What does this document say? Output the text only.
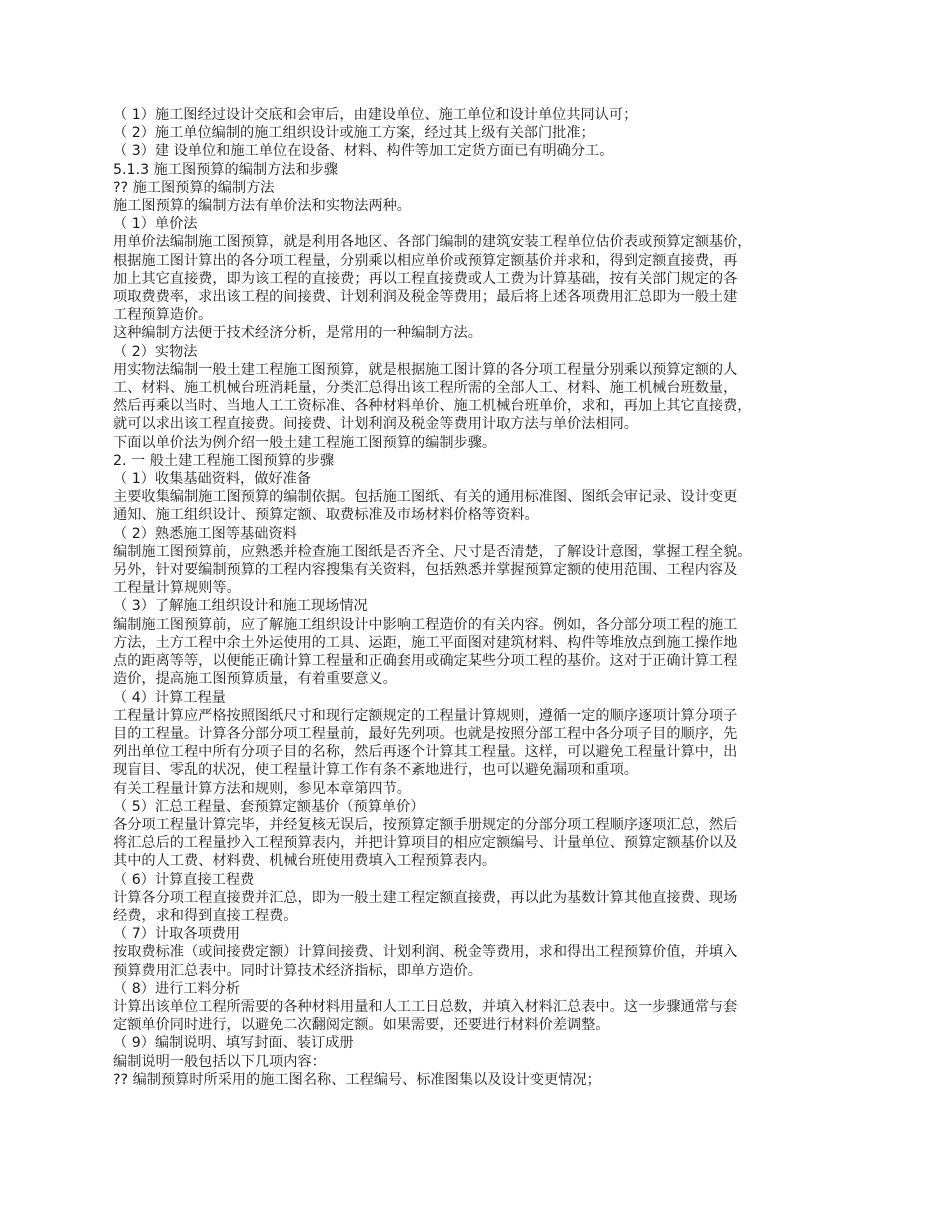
（ 1）施工图经过设计交底和会审后，由建设单位、施工单位和设计单位共同认可；
（ 2）施工单位编制的施工组织设计或施工方案，经过其上级有关部门批准；
（ 3）建 设单位和施工单位在设备、材料、构件等加工定货方面已有明确分工。
5.1.3 施工图预算的编制方法和步骤
?? 施工图预算的编制方法
施工图预算的编制方法有单价法和实物法两种。
（ 1）单价法
用单价法编制施工图预算，就是利用各地区、各部门编制的建筑安装工程单位估价表或预算定额基价，
根据施工图计算出的各分项工程量，分别乘以相应单价或预算定额基价并求和，得到定额直接费，再
加上其它直接费，即为该工程的直接费；再以工程直接费或人工费为计算基础，按有关部门规定的各
项取费费率，求出该工程的间接费、计划利润及税金等费用；最后将上述各项费用汇总即为一般土建
工程预算造价。
这种编制方法便于技术经济分析，是常用的一种编制方法。
（ 2）实物法
用实物法编制一般土建工程施工图预算，就是根据施工图计算的各分项工程量分别乘以预算定额的人
工、材料、施工机械台班消耗量，分类汇总得出该工程所需的全部人工、材料、施工机械台班数量，
然后再乘以当时、当地人工工资标准、各种材料单价、施工机械台班单价，求和，再加上其它直接费，
就可以求出该工程直接费。间接费、计划利润及税金等费用计取方法与单价法相同。
下面以单价法为例介绍一般土建工程施工图预算的编制步骤。
2. 一 般土建工程施工图预算的步骤
（ 1）收集基础资料，做好准备
主要收集编制施工图预算的编制依据。包括施工图纸、有关的通用标准图、图纸会审记录、设计变更
通知、施工组织设计、预算定额、取费标准及市场材料价格等资料。
（ 2）熟悉施工图等基础资料
编制施工图预算前，应熟悉并检查施工图纸是否齐全、尺寸是否清楚，了解设计意图，掌握工程全貌。
另外，针对要编制预算的工程内容搜集有关资料，包括熟悉并掌握预算定额的使用范围、工程内容及
工程量计算规则等。
（ 3）了解施工组织设计和施工现场情况
编制施工图预算前，应了解施工组织设计中影响工程造价的有关内容。例如，各分部分项工程的施工
方法，土方工程中余土外运使用的工具、运距，施工平面图对建筑材料、构件等堆放点到施工操作地
点的距离等等，以便能正确计算工程量和正确套用或确定某些分项工程的基价。这对于正确计算工程
造价，提高施工图预算质量，有着重要意义。
（ 4）计算工程量
工程量计算应严格按照图纸尺寸和现行定额规定的工程量计算规则，遵循一定的顺序逐项计算分项子
目的工程量。计算各分部分项工程量前，最好先列项。也就是按照分部工程中各分项子目的顺序，先
列出单位工程中所有分项子目的名称，然后再逐个计算其工程量。这样，可以避免工程量计算中，出
现盲目、零乱的状况，使工程量计算工作有条不紊地进行，也可以避免漏项和重项。
有关工程量计算方法和规则，参见本章第四节。
（ 5）汇总工程量、套预算定额基价（预算单价）
各分项工程量计算完毕，并经复核无误后，按预算定额手册规定的分部分项工程顺序逐项汇总，然后
将汇总后的工程量抄入工程预算表内，并把计算项目的相应定额编号、计量单位、预算定额基价以及
其中的人工费、材料费、机械台班使用费填入工程预算表内。
（ 6）计算直接工程费
计算各分项工程直接费并汇总，即为一般土建工程定额直接费，再以此为基数计算其他直接费、现场
经费，求和得到直接工程费。
（ 7）计取各项费用
按取费标准（或间接费定额）计算间接费、计划利润、税金等费用，求和得出工程预算价值，并填入
预算费用汇总表中。同时计算技术经济指标，即单方造价。
（ 8）进行工料分析
计算出该单位工程所需要的各种材料用量和人工工日总数，并填入材料汇总表中。这一步骤通常与套
定额单价同时进行，以避免二次翻阅定额。如果需要，还要进行材料价差调整。
（ 9）编制说明、填写封面、装订成册
编制说明一般包括以下几项内容：
?? 编制预算时所采用的施工图名称、工程编号、标准图集以及设计变更情况；
